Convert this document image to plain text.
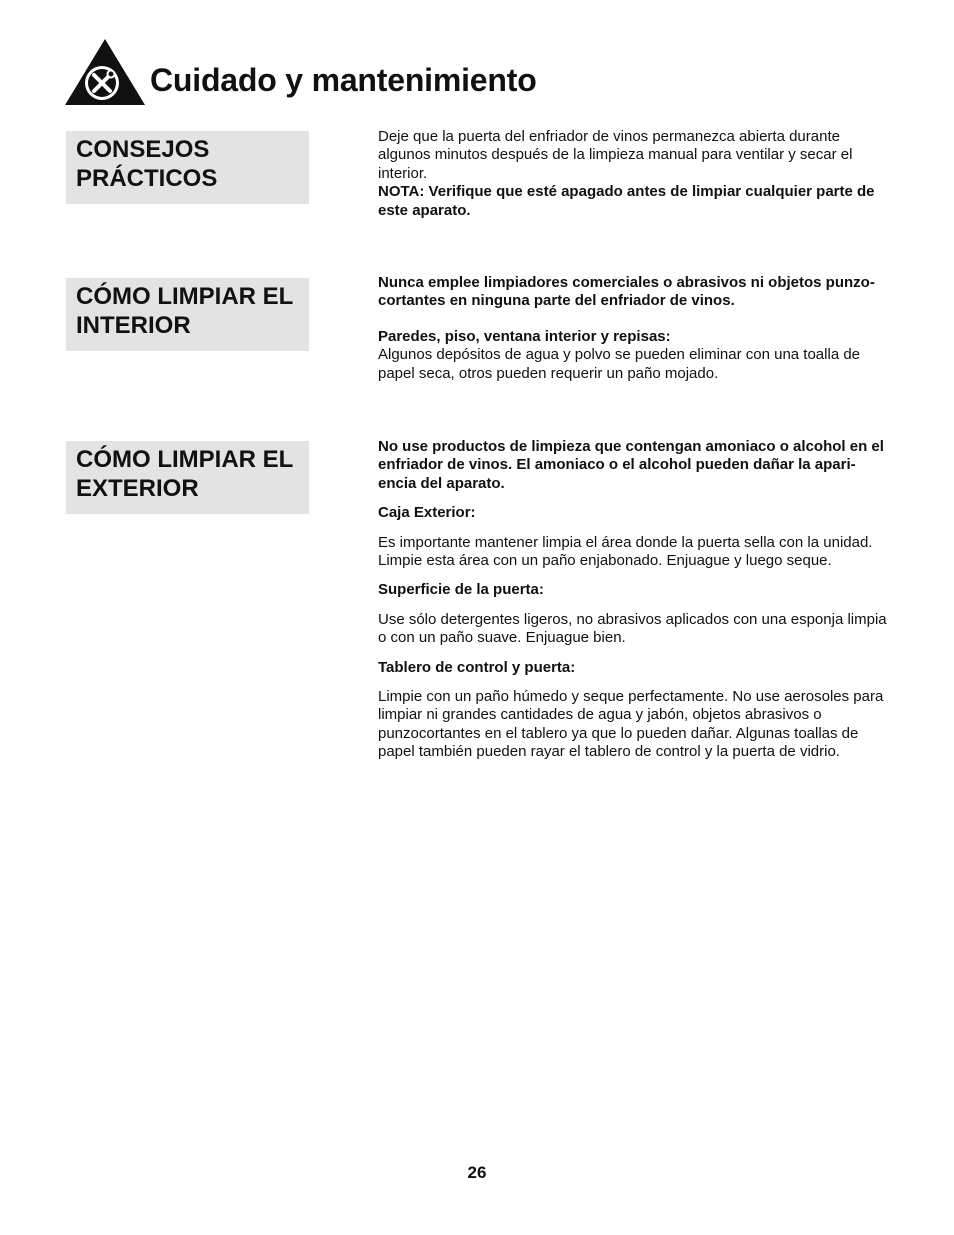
Cuidado y mantenimiento
CONSEJOS
PRÁCTICOS

Deje que la puerta del enfriador de vinos permanezca abierta durante algunos minutos después de la limpieza manual para ventilar y secar el interior.

NOTA: Verifique que esté apagado antes de limpiar cualquier parte de este aparato.

CÓMO LIMPIAR EL
INTERIOR

Nunca emplee limpiadores comerciales o abrasivos ni objetos punzo- cortantes en ninguna parte del enfriador de vinos.

Paredes, piso, ventana interior y repisas:

Algunos depósitos de agua y polvo se pueden eliminar con una toalla de papel seca, otros pueden requerir un paño mojado.

CÓMO LIMPIAR EL
EXTERIOR

No use productos de limpieza que contengan amoniaco o alcohol en el enfriador de vinos. El amoniaco o el alcohol pueden dañar la apari- encia del aparato.

Caja Exterior:

Es importante mantener limpia el área donde la puerta sella con la unidad. Limpie esta área con un paño enjabonado. Enjuague y luego seque.

Superficie de la puerta:

Use sólo detergentes ligeros, no abrasivos aplicados con una esponja limpia o con un paño suave. Enjuague bien.

Tablero de control y puerta:

Limpie con un paño húmedo y seque perfectamente. No use aerosoles para limpiar ni grandes cantidades de agua y jabón, objetos abrasivos o punzocortantes en el tablero ya que lo pueden dañar. Algunas toallas de papel también pueden rayar el tablero de control y la puerta de vidrio.

26
